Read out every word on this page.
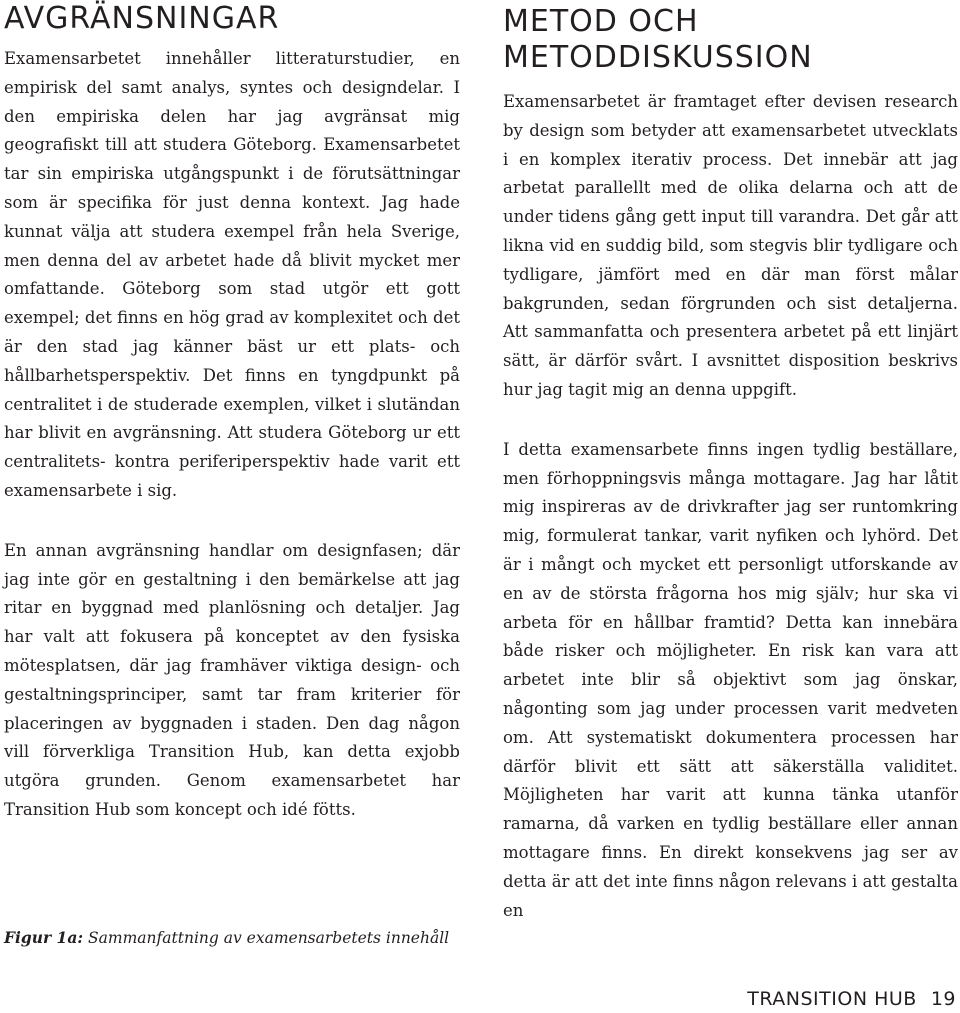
AVGRÄNSNINGAR

Examensarbetet innehåller litteraturstudier, en empirisk del samt analys, syntes och designdelar. I den empiriska delen har jag avgränsat mig geografiskt till att studera Göteborg. Examensarbetet tar sin empiriska utgångspunkt i de förutsättningar som är specifika för just denna kontext. Jag hade kunnat välja att studera exempel från hela Sverige, men denna del av arbetet hade då blivit mycket mer omfattande. Göteborg som stad utgör ett gott exempel; det finns en hög grad av komplexitet och det är den stad jag känner bäst ur ett plats- och hållbarhetsperspektiv. Det finns en tyngdpunkt på centralitet i de studerade exemplen, vilket i slutändan har blivit en avgränsning. Att studera Göteborg ur ett centralitets- kontra periferiperspektiv hade varit ett examensarbete i sig.

En annan avgränsning handlar om designfasen; där jag inte gör en gestaltning i den bemärkelse att jag ritar en byggnad med planlösning och detaljer. Jag har valt att fokusera på konceptet av den fysiska mötesplatsen, där jag framhäver viktiga design- och gestaltningsprinciper, samt tar fram kriterier för placeringen av byggnaden i staden. Den dag någon vill förverkliga Transition Hub, kan detta exjobb utgöra grunden. Genom examensarbetet har Transition Hub som koncept och idé fötts.

METOD OCH METODDISKUSSION

Examensarbetet är framtaget efter devisen research by design som betyder att examensarbetet utvecklats i en komplex iterativ process. Det innebär att jag arbetat parallellt med de olika delarna och att de under tidens gång gett input till varandra. Det går att likna vid en suddig bild, som stegvis blir tydligare och tydligare, jämfört med en där man först målar bakgrunden, sedan förgrunden och sist detaljerna. Att sammanfatta och presentera arbetet på ett linjärt sätt, är därför svårt. I avsnittet disposition beskrivs hur jag tagit mig an denna uppgift.

I detta examensarbete finns ingen tydlig beställare, men förhoppningsvis många mottagare. Jag har låtit mig inspireras av de drivkrafter jag ser runtomkring mig, formulerat tankar, varit nyfiken och lyhörd. Det är i mångt och mycket ett personligt utforskande av en av de största frågorna hos mig själv; hur ska vi arbeta för en hållbar framtid? Detta kan innebära både risker och möjligheter. En risk kan vara att arbetet inte blir så objektivt som jag önskar, någonting som jag under processen varit medveten om. Att systematiskt dokumentera processen har därför blivit ett sätt att säkerställa validitet. Möjligheten har varit att kunna tänka utanför ramarna, då varken en tydlig beställare eller annan mottagare finns. En direkt konsekvens jag ser av detta är att det inte finns någon relevans i att gestalta en

Figur 1a: Sammanfattning av examensarbetets innehåll
TRANSITION HUB 19
